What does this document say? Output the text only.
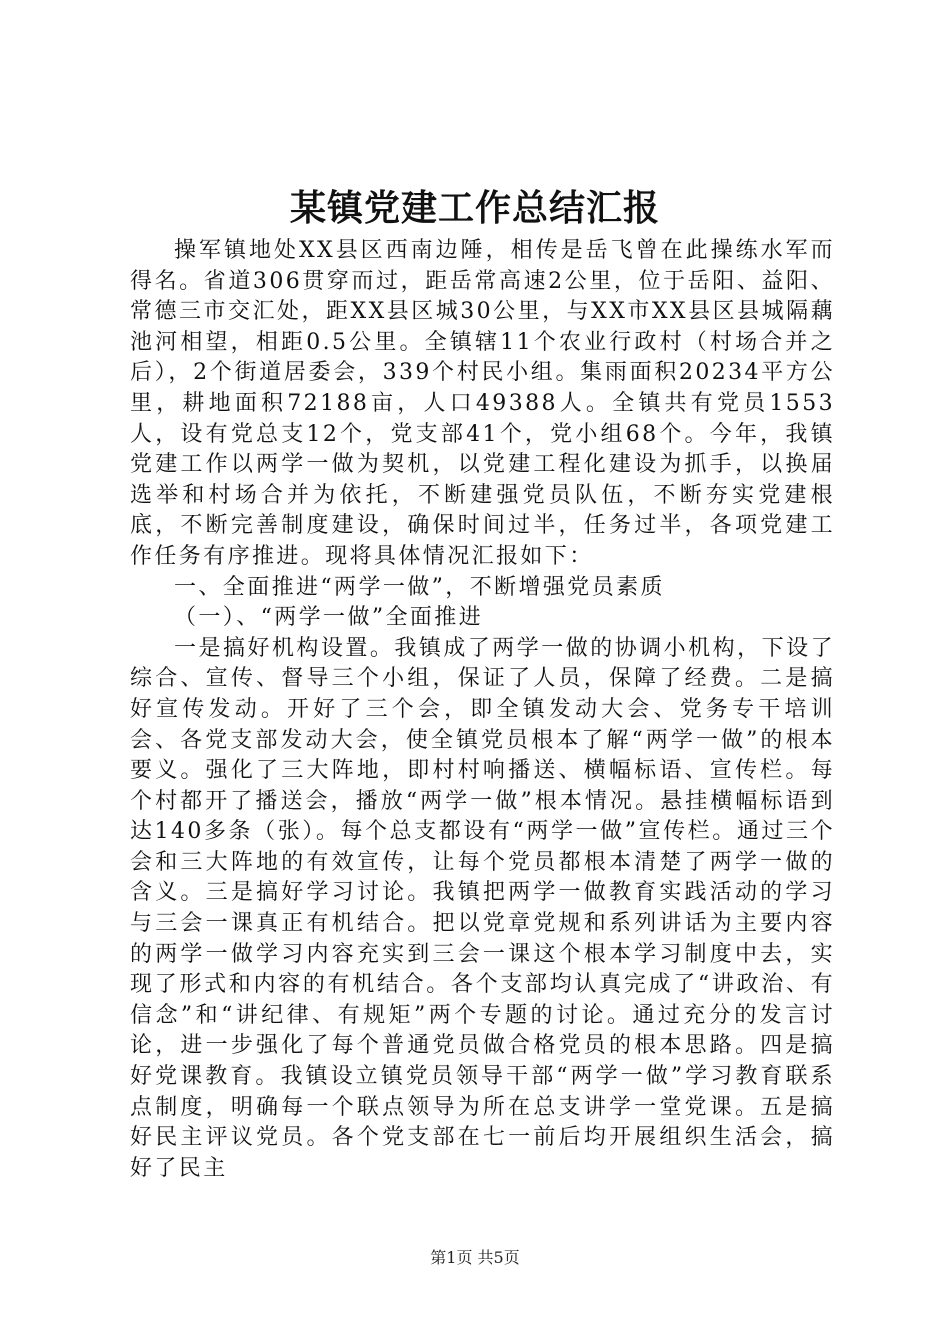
某镇党建工作总结汇报

操军镇地处XX县区西南边陲，相传是岳飞曾在此操练水军而得名。省道306贯穿而过，距岳常高速2公里，位于岳阳、益阳、常德三市交汇处，距XX县区城30公里，与XX市XX县区县城隔藕池河相望，相距0.5公里。全镇辖11个农业行政村（村场合并之后），2个街道居委会，339个村民小组。集雨面积20234平方公里，耕地面积72188亩，人口49388人。全镇共有党员1553人，设有党总支12个，党支部41个，党小组68个。今年，我镇党建工作以两学一做为契机，以党建工程化建设为抓手，以换届选举和村场合并为依托，不断建强党员队伍，不断夯实党建根底，不断完善制度建设，确保时间过半，任务过半，各项党建工作任务有序推进。现将具体情况汇报如下：

一、全面推进“两学一做”，不断增强党员素质

（一）、“两学一做”全面推进

一是搞好机构设置。我镇成了两学一做的协调小机构，下设了综合、宣传、督导三个小组，保证了人员，保障了经费。二是搞好宣传发动。开好了三个会，即全镇发动大会、党务专干培训会、各党支部发动大会，使全镇党员根本了解“两学一做”的根本要义。强化了三大阵地，即村村响播送、横幅标语、宣传栏。每个村都开了播送会，播放“两学一做”根本情况。悬挂横幅标语到达140多条（张）。每个总支都设有“两学一做”宣传栏。通过三个会和三大阵地的有效宣传，让每个党员都根本清楚了两学一做的含义。三是搞好学习讨论。我镇把两学一做教育实践活动的学习与三会一课真正有机结合。把以党章党规和系列讲话为主要内容的两学一做学习内容充实到三会一课这个根本学习制度中去，实现了形式和内容的有机结合。各个支部均认真完成了“讲政治、有信念”和“讲纪律、有规矩”两个专题的讨论。通过充分的发言讨论，进一步强化了每个普通党员做合格党员的根本思路。四是搞好党课教育。我镇设立镇党员领导干部“两学一做”学习教育联系点制度，明确每一个联点领导为所在总支讲学一堂党课。五是搞好民主评议党员。各个党支部在七一前后均开展组织生活会，搞好了民主

第1页 共5页
